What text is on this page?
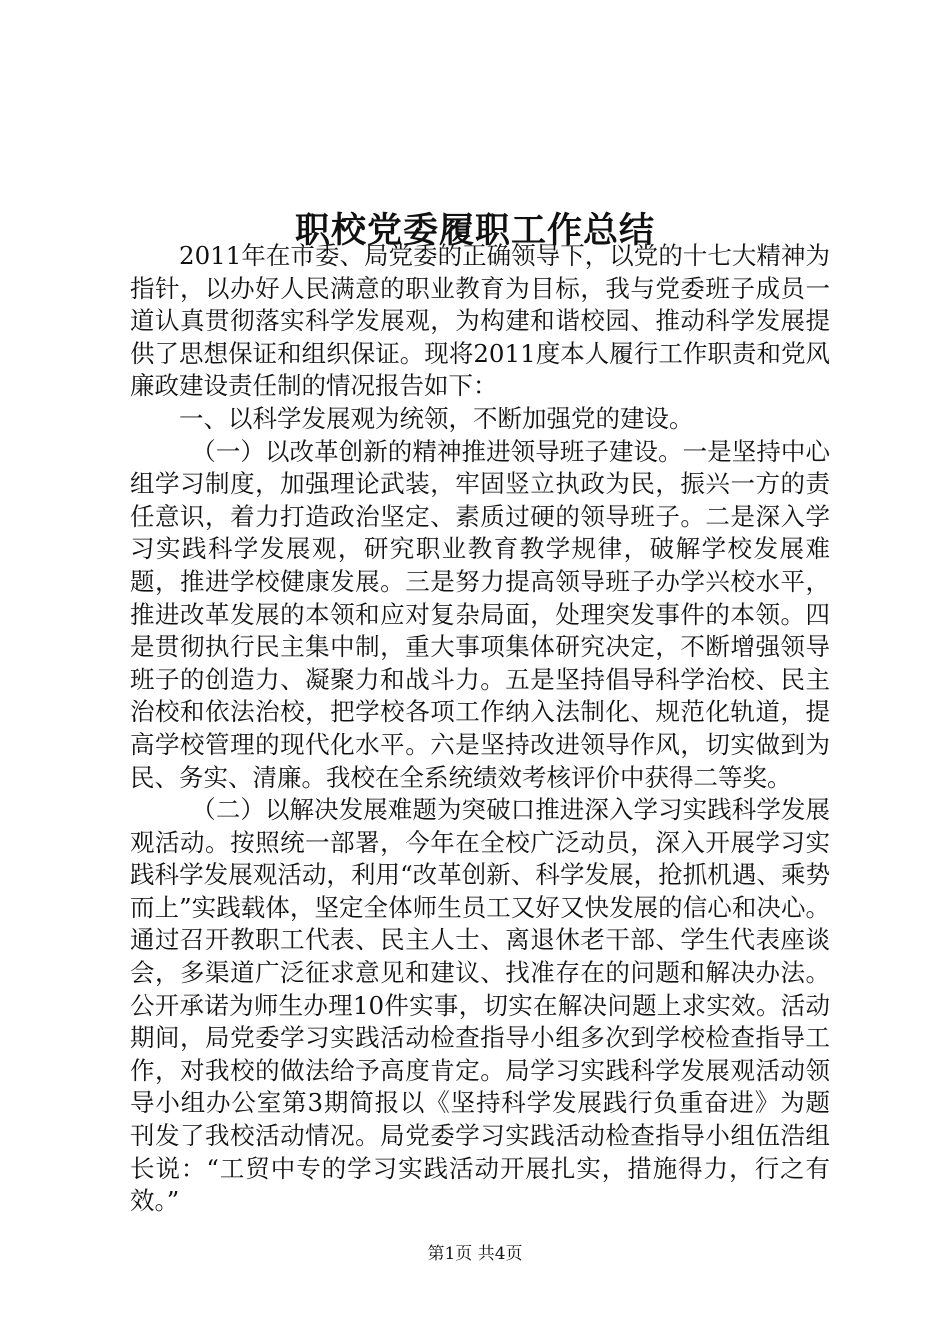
职校党委履职工作总结

2011年在市委、局党委的正确领导下，以党的十七大精神为指针，以办好人民满意的职业教育为目标，我与党委班子成员一道认真贯彻落实科学发展观，为构建和谐校园、推动科学发展提供了思想保证和组织保证。现将2011度本人履行工作职责和党风廉政建设责任制的情况报告如下：

一、以科学发展观为统领，不断加强党的建设。

（一）以改革创新的精神推进领导班子建设。一是坚持中心组学习制度，加强理论武装，牢固竖立执政为民，振兴一方的责任意识，着力打造政治坚定、素质过硬的领导班子。二是深入学习实践科学发展观，研究职业教育教学规律，破解学校发展难题，推进学校健康发展。三是努力提高领导班子办学兴校水平，推进改革发展的本领和应对复杂局面，处理突发事件的本领。四是贯彻执行民主集中制，重大事项集体研究决定，不断增强领导班子的创造力、凝聚力和战斗力。五是坚持倡导科学治校、民主治校和依法治校，把学校各项工作纳入法制化、规范化轨道，提高学校管理的现代化水平。六是坚持改进领导作风，切实做到为民、务实、清廉。我校在全系统绩效考核评价中获得二等奖。

（二）以解决发展难题为突破口推进深入学习实践科学发展观活动。按照统一部署，今年在全校广泛动员，深入开展学习实践科学发展观活动，利用“改革创新、科学发展，抢抓机遇、乘势而上”实践载体，坚定全体师生员工又好又快发展的信心和决心。通过召开教职工代表、民主人士、离退休老干部、学生代表座谈会，多渠道广泛征求意见和建议、找准存在的问题和解决办法。公开承诺为师生办理10件实事，切实在解决问题上求实效。活动期间，局党委学习实践活动检查指导小组多次到学校检查指导工作，对我校的做法给予高度肯定。局学习实践科学发展观活动领导小组办公室第3期简报以《坚持科学发展践行负重奋进》为题刊发了我校活动情况。局党委学习实践活动检查指导小组伍浩组长说：“工贸中专的学习实践活动开展扎实，措施得力，行之有效。”

第1页 共4页
